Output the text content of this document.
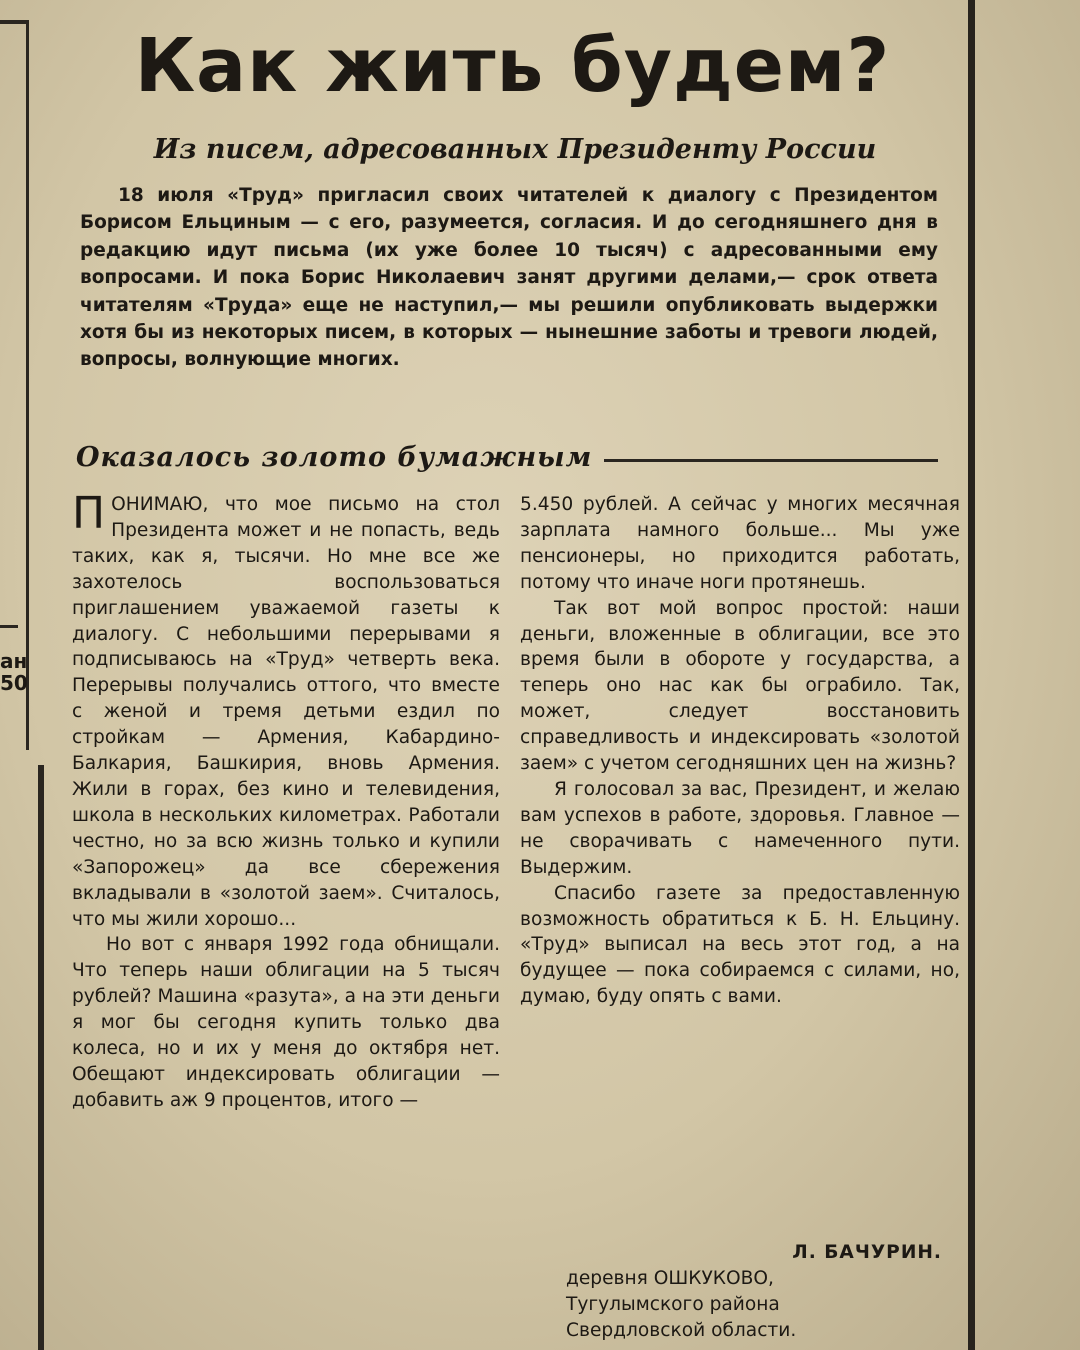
ан 50
Как жить будем?
Из писем, адресованных Президенту России

18 июля «Труд» пригласил своих читателей к диалогу с Президентом Борисом Ельциным — с его, разумеется, согласия. И до сегодняшнего дня в редакцию идут письма (их уже более 10 тысяч) с адресованными ему вопросами. И пока Борис Николаевич занят другими делами,— срок ответа читателям «Труда» еще не наступил,— мы решили опубликовать выдержки хотя бы из некоторых писем, в которых — нынешние заботы и тревоги людей, вопросы, волнующие многих.

Оказалось золото бумажным

ПОНИМАЮ, что мое письмо на стол Президента может и не попасть, ведь таких, как я, тысячи. Но мне все же захотелось воспользоваться приглашением уважаемой газеты к диалогу. С небольшими перерывами я подписываюсь на «Труд» четверть века. Перерывы получались оттого, что вместе с женой и тремя детьми ездил по стройкам — Армения, Кабардино-Балкария, Башкирия, вновь Армения. Жили в горах, без кино и телевидения, школа в нескольких километрах. Работали честно, но за всю жизнь только и купили «Запорожец» да все сбережения вкладывали в «золотой заем». Считалось, что мы жили хорошо...

Но вот с января 1992 года обнищали. Что теперь наши облигации на 5 тысяч рублей? Машина «разута», а на эти деньги я мог бы сегодня купить только два колеса, но и их у меня до октября нет. Обещают индексировать облигации — добавить аж 9 процентов, итого —

5.450 рублей. А сейчас у многих месячная зарплата намного больше... Мы уже пенсионеры, но приходится работать, потому что иначе ноги протянешь.

Так вот мой вопрос простой: наши деньги, вложенные в облигации, все это время были в обороте у государства, а теперь оно нас как бы ограбило. Так, может, следует восстановить справедливость и индексировать «золотой заем» с учетом сегодняшних цен на жизнь?

Я голосовал за вас, Президент, и желаю вам успехов в работе, здоровья. Главное — не сворачивать с намеченного пути. Выдержим.

Спасибо газете за предоставленную возможность обратиться к Б. Н. Ельцину. «Труд» выписал на весь этот год, а на будущее — пока собираемся с силами, но, думаю, буду опять с вами.

Л. БАЧУРИН.
деревня ОШКУКОВО,
Тугулымского района
Свердловской области.
